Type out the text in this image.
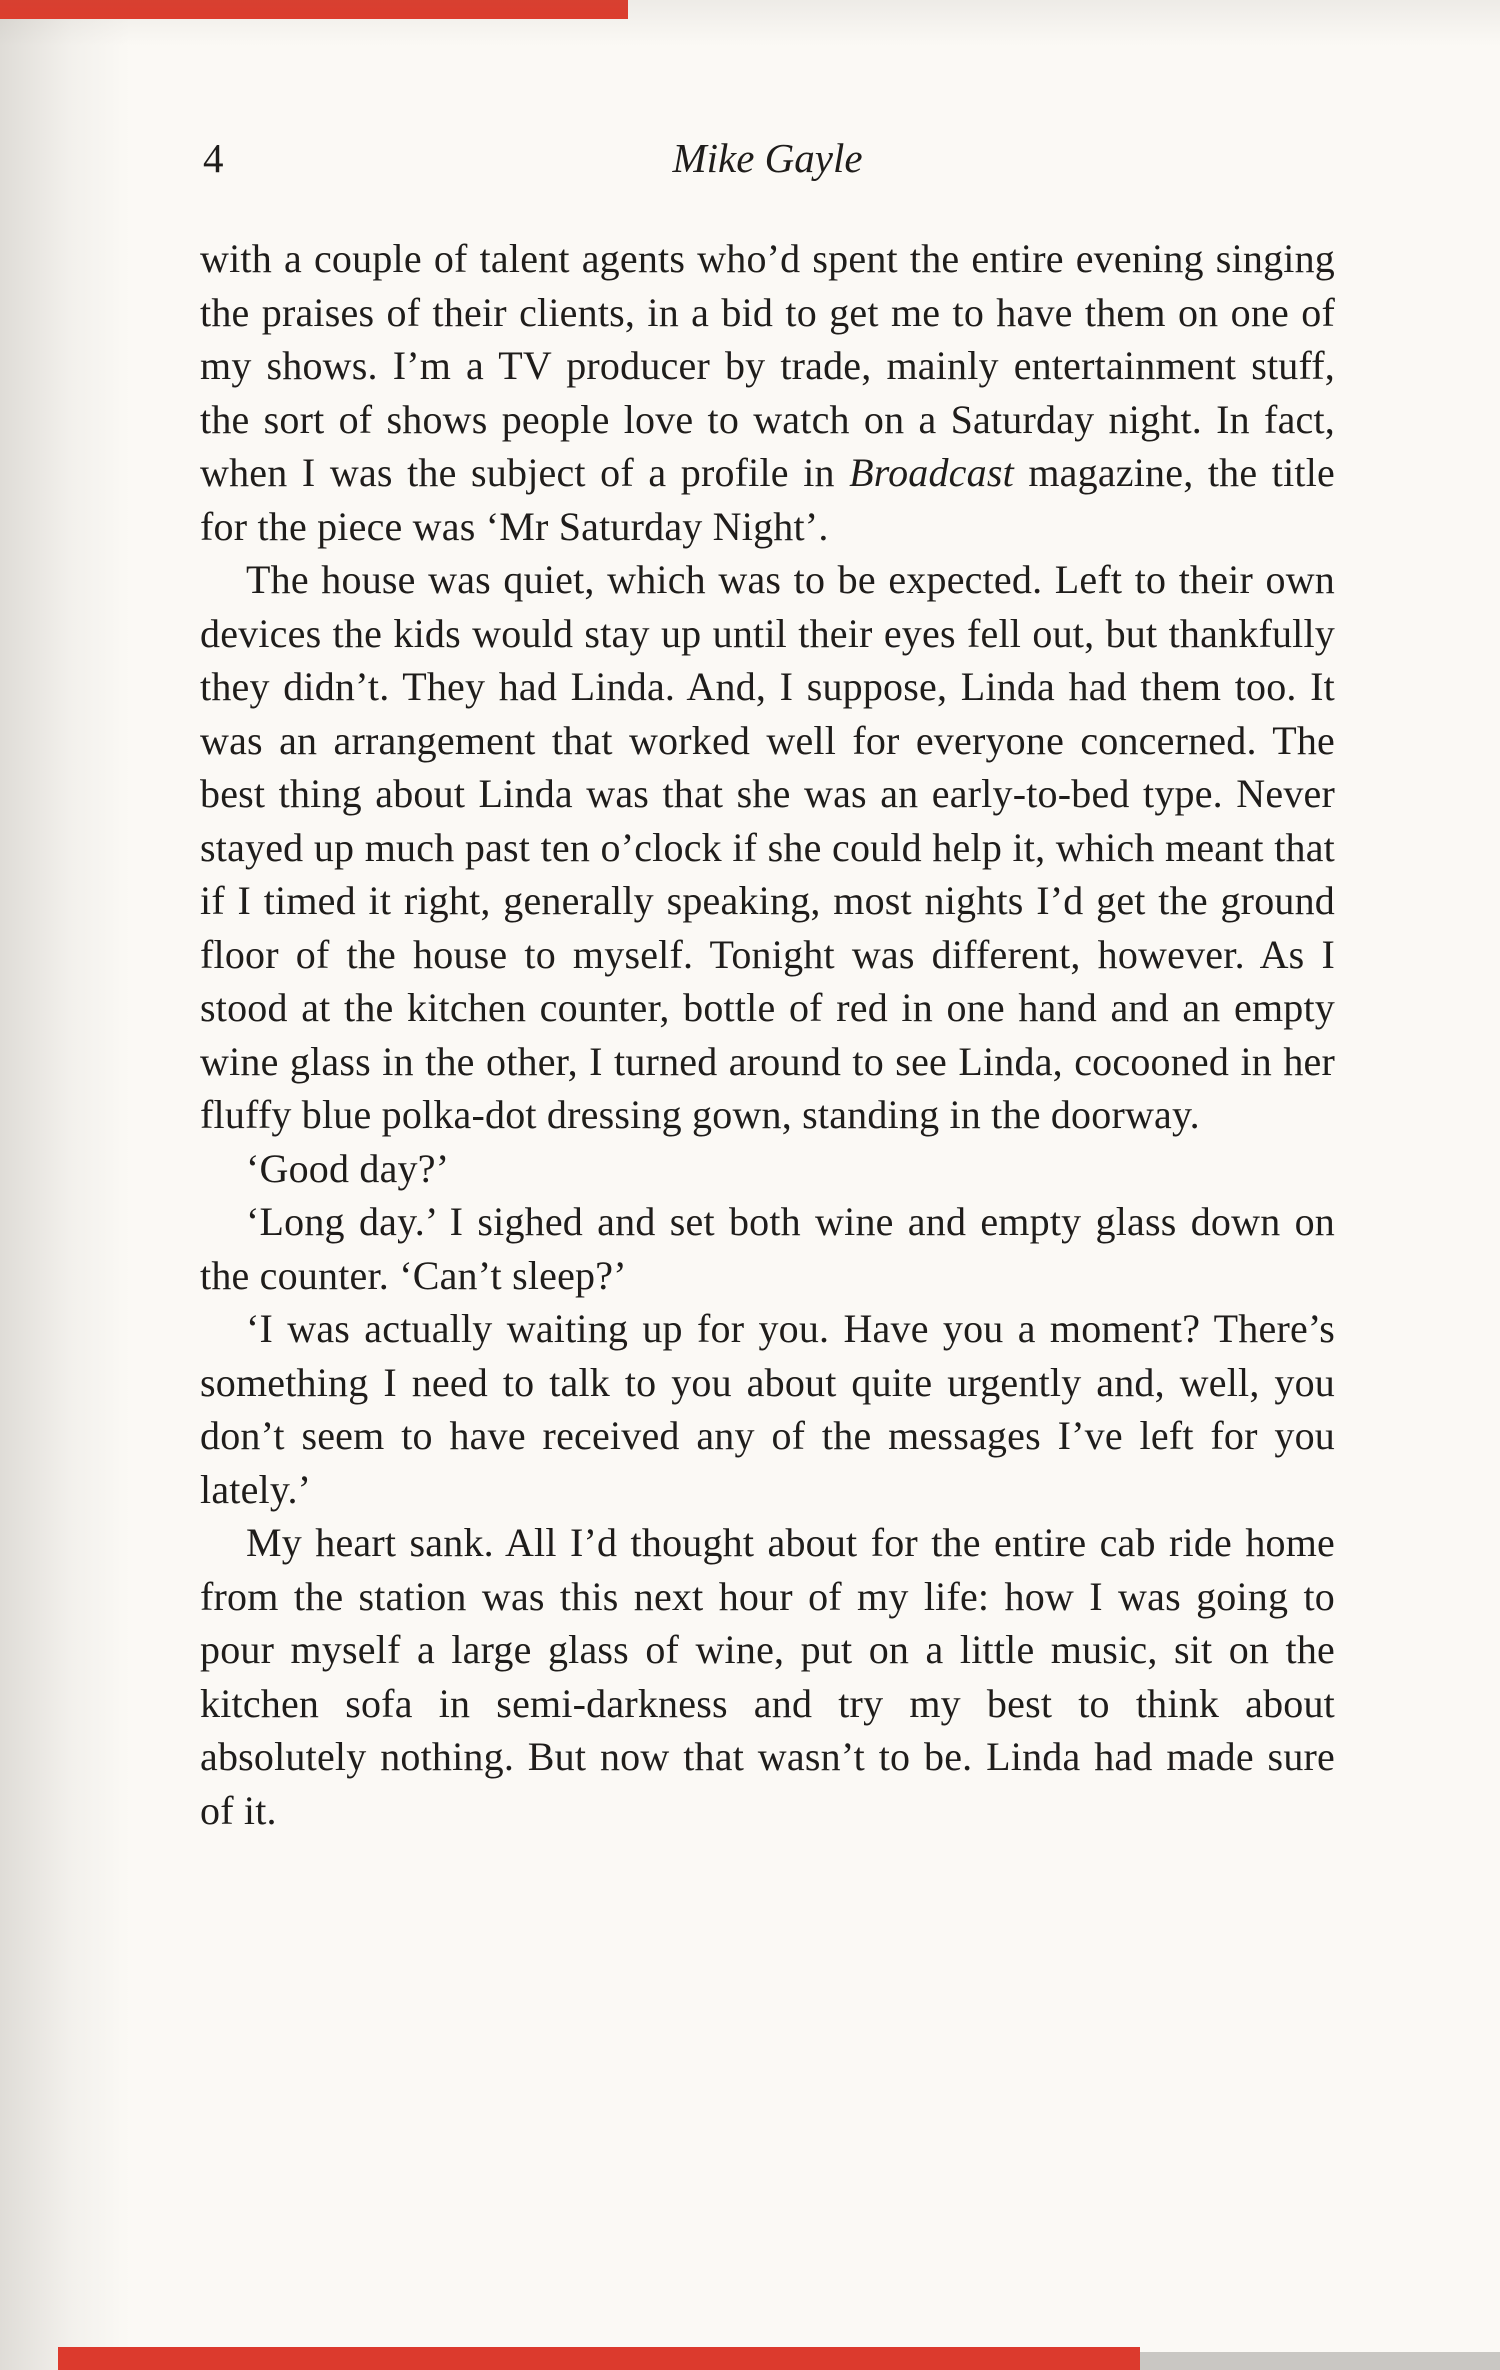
4	Mike Gayle

with a couple of talent agents who’d spent the entire evening singing the praises of their clients, in a bid to get me to have them on one of my shows. I’m a TV producer by trade, mainly entertainment stuff, the sort of shows people love to watch on a Saturday night. In fact, when I was the subject of a profile in Broadcast magazine, the title for the piece was ‘Mr Saturday Night’.

The house was quiet, which was to be expected. Left to their own devices the kids would stay up until their eyes fell out, but thankfully they didn’t. They had Linda. And, I suppose, Linda had them too. It was an arrangement that worked well for everyone concerned. The best thing about Linda was that she was an early-to-bed type. Never stayed up much past ten o’clock if she could help it, which meant that if I timed it right, generally speaking, most nights I’d get the ground floor of the house to myself. Tonight was different, however. As I stood at the kitchen counter, bottle of red in one hand and an empty wine glass in the other, I turned around to see Linda, cocooned in her fluffy blue polka-dot dressing gown, standing in the doorway.

‘Good day?’

‘Long day.’ I sighed and set both wine and empty glass down on the counter. ‘Can’t sleep?’

‘I was actually waiting up for you. Have you a moment? There’s something I need to talk to you about quite urgently and, well, you don’t seem to have received any of the messages I’ve left for you lately.’

My heart sank. All I’d thought about for the entire cab ride home from the station was this next hour of my life: how I was going to pour myself a large glass of wine, put on a little music, sit on the kitchen sofa in semi-darkness and try my best to think about absolutely nothing. But now that wasn’t to be. Linda had made sure of it.
